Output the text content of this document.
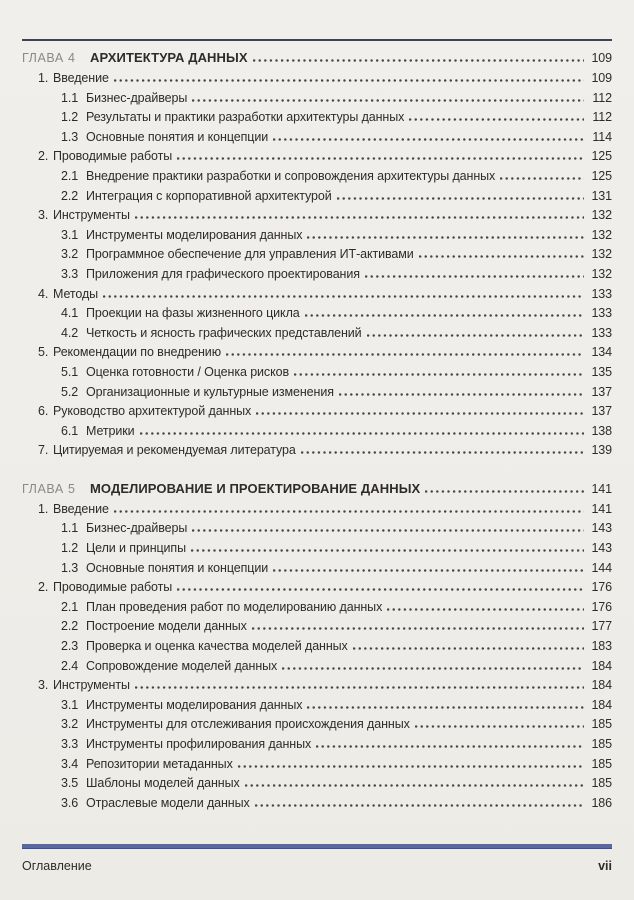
ГЛАВА 4	АРХИТЕКТУРА ДАННЫХ	109
1. Введение	109
1.1 Бизнес-драйверы	112
1.2 Результаты и практики разработки архитектуры данных	112
1.3 Основные понятия и концепции	114
2. Проводимые работы	125
2.1 Внедрение практики разработки и сопровождения архитектуры данных	125
2.2 Интеграция с корпоративной архитектурой	131
3. Инструменты	132
3.1 Инструменты моделирования данных	132
3.2 Программное обеспечение для управления ИТ-активами	132
3.3 Приложения для графического проектирования	132
4. Методы	133
4.1 Проекции на фазы жизненного цикла	133
4.2 Четкость и ясность графических представлений	133
5. Рекомендации по внедрению	134
5.1 Оценка готовности / Оценка рисков	135
5.2 Организационные и культурные изменения	137
6. Руководство архитектурой данных	137
6.1 Метрики	138
7. Цитируемая и рекомендуемая литература	139
ГЛАВА 5	МОДЕЛИРОВАНИЕ И ПРОЕКТИРОВАНИЕ ДАННЫХ	141
1. Введение	141
1.1 Бизнес-драйверы	143
1.2 Цели и принципы	143
1.3 Основные понятия и концепции	144
2. Проводимые работы	176
2.1 План проведения работ по моделированию данных	176
2.2 Построение модели данных	177
2.3 Проверка и оценка качества моделей данных	183
2.4 Сопровождение моделей данных	184
3. Инструменты	184
3.1 Инструменты моделирования данных	184
3.2 Инструменты для отслеживания происхождения данных	185
3.3 Инструменты профилирования данных	185
3.4 Репозитории метаданных	185
3.5 Шаблоны моделей данных	185
3.6 Отраслевые модели данных	186
Оглавление	vii
